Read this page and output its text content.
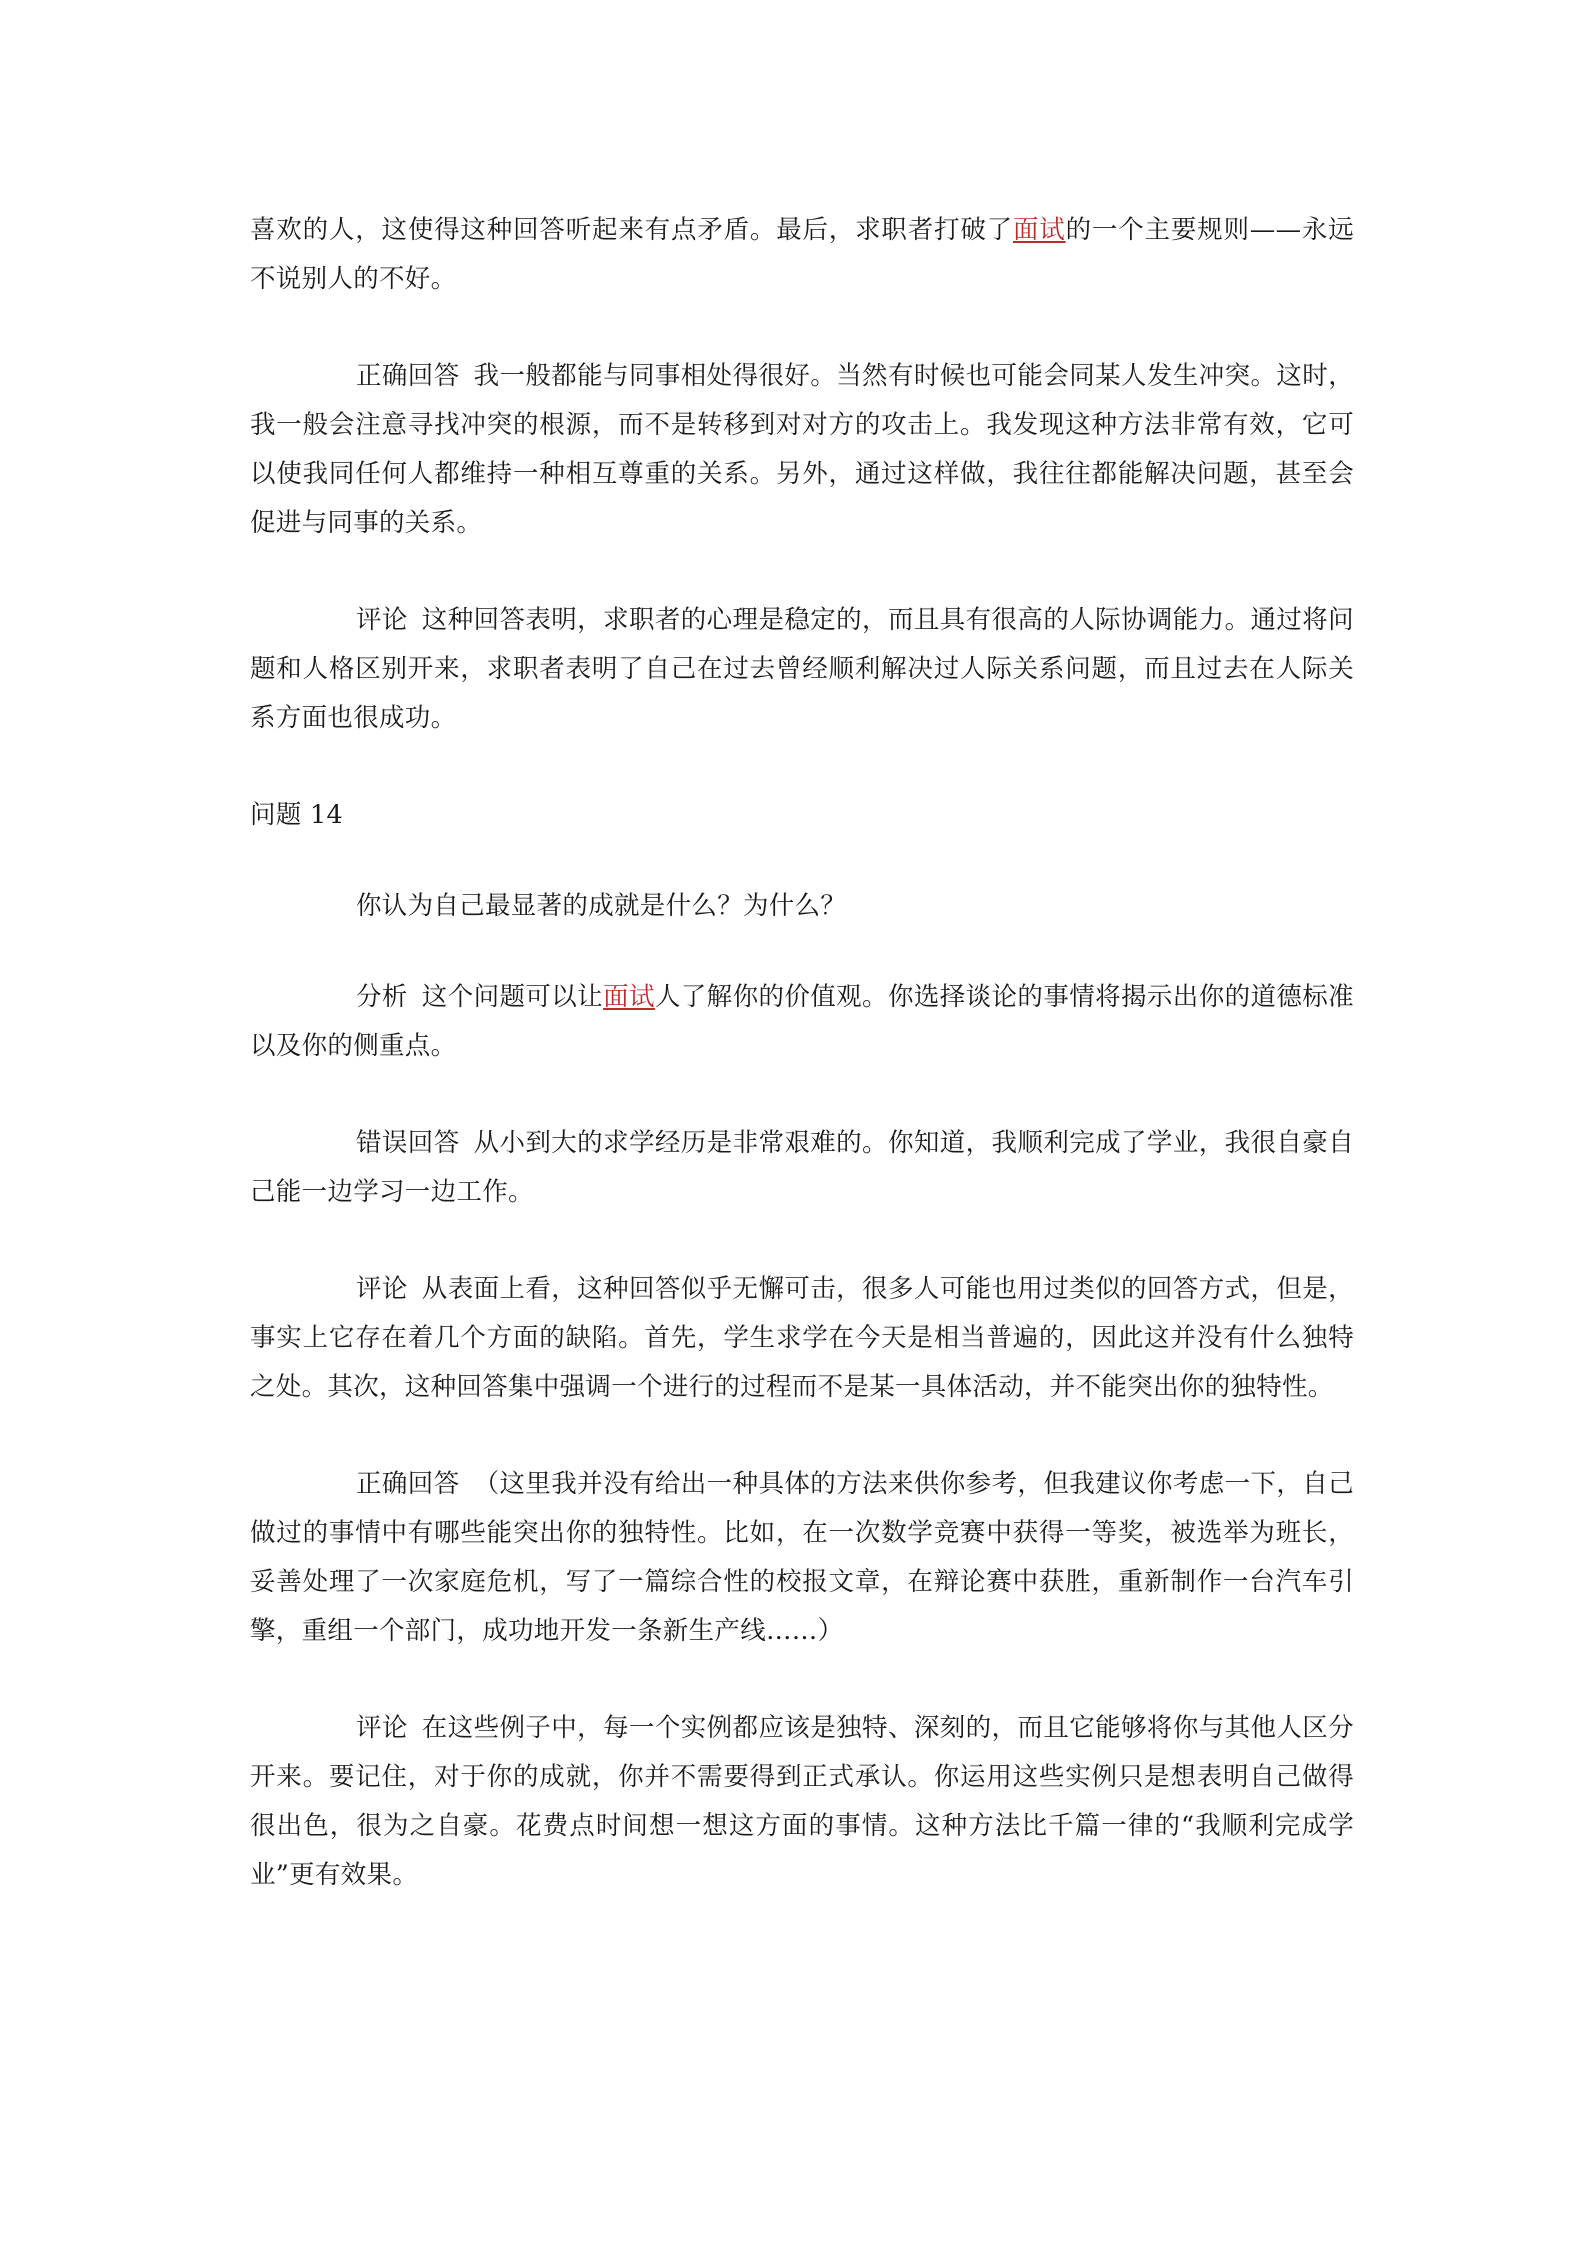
喜欢的人，这使得这种回答听起来有点矛盾。最后，求职者打破了面试的一个主要规则——永远不说别人的不好。

正确回答 我一般都能与同事相处得很好。当然有时候也可能会同某人发生冲突。这时，我一般会注意寻找冲突的根源，而不是转移到对对方的攻击上。我发现这种方法非常有效，它可以使我同任何人都维持一种相互尊重的关系。另外，通过这样做，我往往都能解决问题，甚至会促进与同事的关系。

评论 这种回答表明，求职者的心理是稳定的，而且具有很高的人际协调能力。通过将问题和人格区别开来，求职者表明了自己在过去曾经顺利解决过人际关系问题，而且过去在人际关系方面也很成功。

问题 14

你认为自己最显著的成就是什么？为什么？

分析 这个问题可以让面试人了解你的价值观。你选择谈论的事情将揭示出你的道德标准以及你的侧重点。

错误回答 从小到大的求学经历是非常艰难的。你知道，我顺利完成了学业，我很自豪自己能一边学习一边工作。

评论 从表面上看，这种回答似乎无懈可击，很多人可能也用过类似的回答方式，但是，事实上它存在着几个方面的缺陷。首先，学生求学在今天是相当普遍的，因此这并没有什么独特之处。其次，这种回答集中强调一个进行的过程而不是某一具体活动，并不能突出你的独特性。

正确回答 （这里我并没有给出一种具体的方法来供你参考，但我建议你考虑一下，自己做过的事情中有哪些能突出你的独特性。比如，在一次数学竞赛中获得一等奖，被选举为班长，妥善处理了一次家庭危机，写了一篇综合性的校报文章，在辩论赛中获胜，重新制作一台汽车引擎，重组一个部门，成功地开发一条新生产线……）

评论 在这些例子中，每一个实例都应该是独特、深刻的，而且它能够将你与其他人区分开来。要记住，对于你的成就，你并不需要得到正式承认。你运用这些实例只是想表明自己做得很出色，很为之自豪。花费点时间想一想这方面的事情。这种方法比千篇一律的“我顺利完成学业”更有效果。
